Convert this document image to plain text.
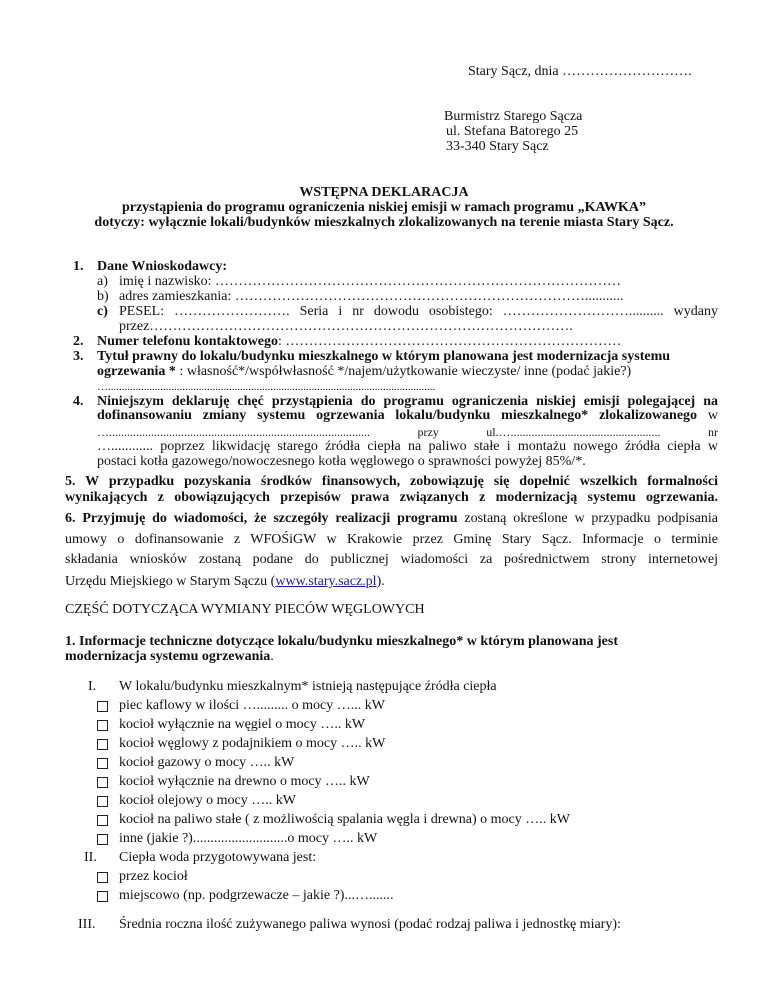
Stary Sącz, dnia ……………………….
Burmistrz Starego Sącza
ul. Stefana Batorego 25
33-340 Stary Sącz
WSTĘPNA DEKLARACJA
przystąpienia do programu ograniczenia niskiej emisji w ramach programu „KAWKA”
dotyczy: wyłącznie lokali/budynków mieszkalnych zlokalizowanych na terenie miasta Stary Sącz.
1. Dane Wnioskodawcy:
a) imię i nazwisko: ……………………………………………………………………………
b) adres zamieszkania: …………………………………………………………………...........
c) PESEL: ……………………. Seria i nr dowodu osobistego: ……………………….......... wydany
przez……………………………………………………………………………….
2. Numer telefonu kontaktowego: ………………………………………………………………
3. Tytuł prawny do lokalu/budynku mieszkalnego w którym planowana jest modernizacja systemu
ogrzewania * : własność*/współwłasność */najem/użytkowanie wieczyste/ inne (podać jakie?)
….......................................................................................................................
4. Niniejszym deklaruję chęć przystąpienia do programu ograniczenia niskiej emisji polegającej na
dofinansowaniu zmiany systemu ogrzewania lokalu/budynku mieszkalnego* zlokalizowanego w
…....................................................................................... przy ul.….................................................. nr
…............ poprzez likwidację starego źródła ciepła na paliwo stałe i montażu nowego źródła ciepła w
postaci kotła gazowego/nowoczesnego kotła węglowego o sprawności powyżej 85%/*.
5. W przypadku pozyskania środków finansowych, zobowiązuję się dopełnić wszelkich formalności
wynikających z obowiązujących przepisów prawa związanych z modernizacją systemu ogrzewania.
6. Przyjmuję do wiadomości, że szczegóły realizacji programu zostaną określone w przypadku podpisania
umowy o dofinansowanie z WFOŚiGW w Krakowie przez Gminę Stary Sącz. Informacje o terminie
składania wniosków zostaną podane do publicznej wiadomości za pośrednictwem strony internetowej
Urzędu Miejskiego w Starym Sączu (www.stary.sacz.pl).
CZĘŚĆ DOTYCZĄCA WYMIANY PIECÓW WĘGLOWYCH
1. Informacje techniczne dotyczące lokalu/budynku mieszkalnego* w którym planowana jest
modernizacja systemu ogrzewania.
I. W lokalu/budynku mieszkalnym* istnieją następujące źródła ciepła
piec kaflowy w ilości …......... o mocy …... kW
kocioł wyłącznie na węgiel o mocy ….. kW
kocioł węglowy z podajnikiem o mocy ….. kW
kocioł gazowy o mocy ….. kW
kocioł wyłącznie na drewno o mocy ….. kW
kocioł olejowy o mocy ….. kW
kocioł na paliwo stałe ( z możliwością spalania węgla i drewna) o mocy ….. kW
inne (jakie ?)...........................o mocy ….. kW
II. Ciepła woda przygotowywana jest:
przez kocioł
miejscowo (np. podgrzewacze – jakie ?)...….......
III. Średnia roczna ilość zużywanego paliwa wynosi (podać rodzaj paliwa i jednostkę miary):
